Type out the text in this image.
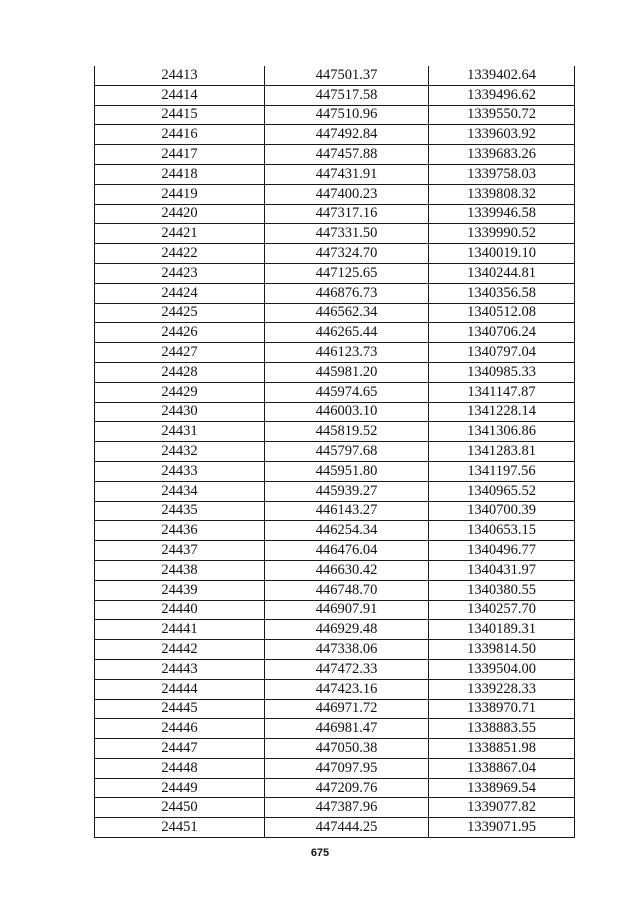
24413	447501.37	1339402.64
24414	447517.58	1339496.62
24415	447510.96	1339550.72
24416	447492.84	1339603.92
24417	447457.88	1339683.26
24418	447431.91	1339758.03
24419	447400.23	1339808.32
24420	447317.16	1339946.58
24421	447331.50	1339990.52
24422	447324.70	1340019.10
24423	447125.65	1340244.81
24424	446876.73	1340356.58
24425	446562.34	1340512.08
24426	446265.44	1340706.24
24427	446123.73	1340797.04
24428	445981.20	1340985.33
24429	445974.65	1341147.87
24430	446003.10	1341228.14
24431	445819.52	1341306.86
24432	445797.68	1341283.81
24433	445951.80	1341197.56
24434	445939.27	1340965.52
24435	446143.27	1340700.39
24436	446254.34	1340653.15
24437	446476.04	1340496.77
24438	446630.42	1340431.97
24439	446748.70	1340380.55
24440	446907.91	1340257.70
24441	446929.48	1340189.31
24442	447338.06	1339814.50
24443	447472.33	1339504.00
24444	447423.16	1339228.33
24445	446971.72	1338970.71
24446	446981.47	1338883.55
24447	447050.38	1338851.98
24448	447097.95	1338867.04
24449	447209.76	1338969.54
24450	447387.96	1339077.82
24451	447444.25	1339071.95
675
